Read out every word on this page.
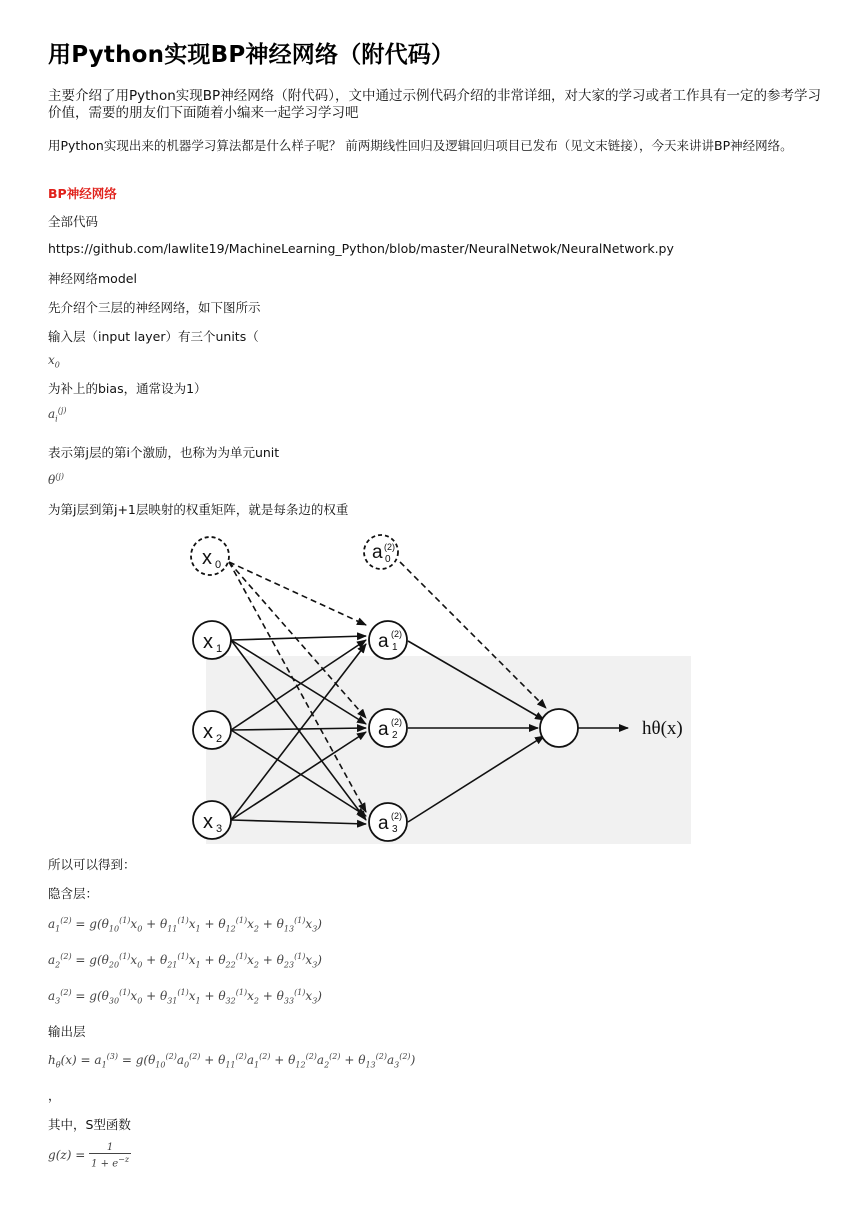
用Python实现BP神经网络（附代码）
主要介绍了用Python实现BP神经网络（附代码），文中通过示例代码介绍的非常详细，对大家的学习或者工作具有一定的参考学习价值，需要的朋友们下面随着小编来一起学习学习吧
用Python实现出来的机器学习算法都是什么样子呢？ 前两期线性回归及逻辑回归项目已发布（见文末链接），今天来讲讲BP神经网络。
BP神经网络
全部代码
https://github.com/lawlite19/MachineLearning_Python/blob/master/NeuralNetwok/NeuralNetwork.py
神经网络model
先介绍个三层的神经网络，如下图所示
输入层（input layer）有三个units（
$x_0$
为补上的bias，通常设为1）
$a_i^{(j)}$
表示第j层的第i个激励，也称为为单元unit
$\theta^{(j)}$
为第j层到第j+1层映射的权重矩阵，就是每条边的权重
x 0
a (2)
0
x 1
x 2
x 3
a (2)
1
a (2)
2
a (2)
3
hθ(x)
所以可以得到：
隐含层：
$a_1^{(2)} = g(\theta_{10}^{(1)}x_0 + \theta_{11}^{(1)}x_1 + \theta_{12}^{(1)}x_2 + \theta_{13}^{(1)}x_3)$
$a_2^{(2)} = g(\theta_{20}^{(1)}x_0 + \theta_{21}^{(1)}x_1 + \theta_{22}^{(1)}x_2 + \theta_{23}^{(1)}x_3)$
$a_3^{(2)} = g(\theta_{30}^{(1)}x_0 + \theta_{31}^{(1)}x_1 + \theta_{32}^{(1)}x_2 + \theta_{33}^{(1)}x_3)$
输出层
$h_\theta(x) = a_1^{(3)} = g(\theta_{10}^{(2)}a_0^{(2)} + \theta_{11}^{(2)}a_1^{(2)} + \theta_{12}^{(2)}a_2^{(2)} + \theta_{13}^{(2)}a_3^{(2)})$
，
其中，S型函数
$g(z) = \frac{1}{1 + e^{-z}}$
